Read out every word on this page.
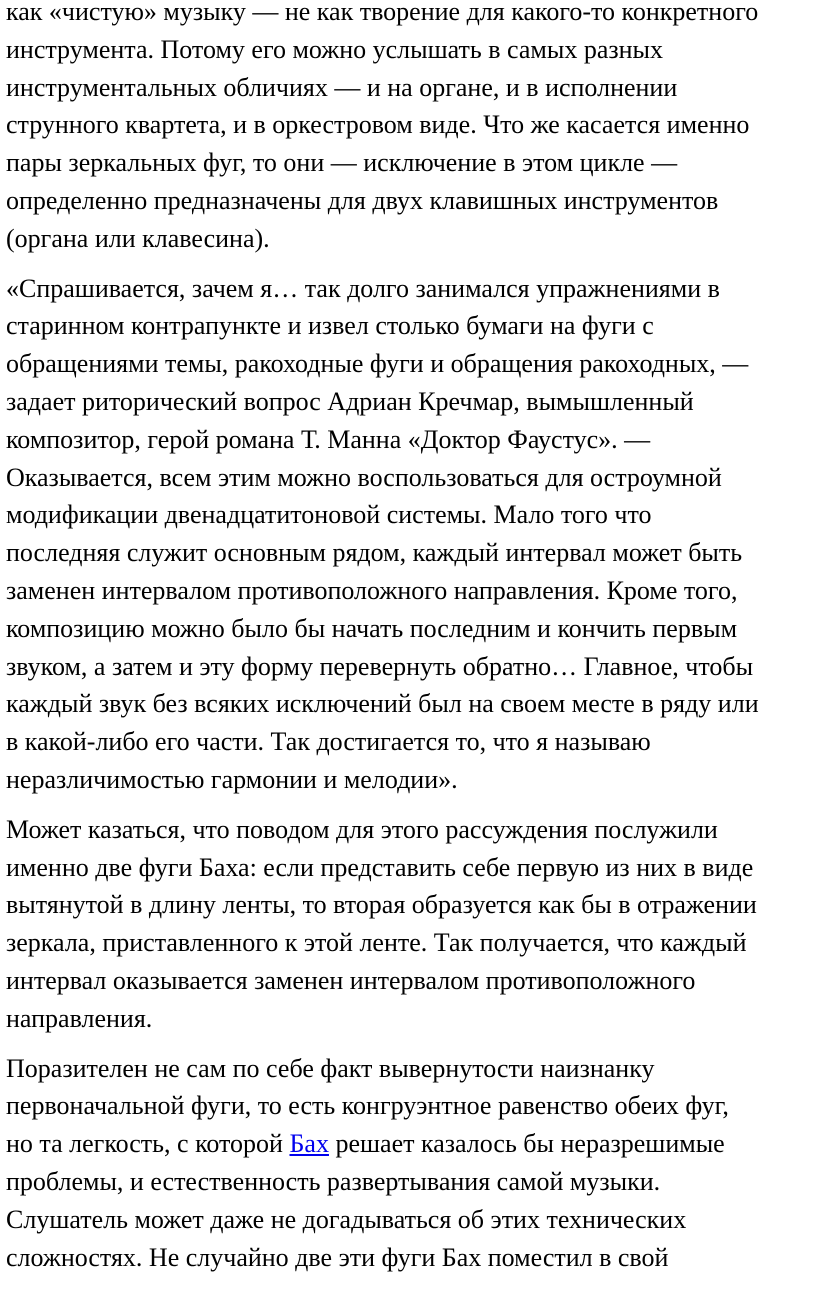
как «чистую» музыку — не как творение для какого-то конкретного
инструмента. Потому его можно услышать в самых разных
инструментальных обличиях — и на органе, и в исполнении
струнного квартета, и в оркестровом виде. Что же касается именно
пары зеркальных фуг, то они — исключение в этом цикле —
определенно предназначены для двух клавишных инструментов
(органа или клавесина).

«Спрашивается, зачем я… так долго занимался упражнениями в
старинном контрапункте и извел столько бумаги на фуги с
обращениями темы, ракоходные фуги и обращения ракоходных, —
задает риторический вопрос Адриан Кречмар, вымышленный
композитор, герой романа Т. Манна «Доктор Фаустус». —
Оказывается, всем этим можно воспользоваться для остроумной
модификации двенадцатитоновой системы. Мало того что
последняя служит основным рядом, каждый интервал может быть
заменен интервалом противоположного направления. Кроме того,
композицию можно было бы начать последним и кончить первым
звуком, а затем и эту форму перевернуть обратно… Главное, чтобы
каждый звук без всяких исключений был на своем месте в ряду или
в какой-либо его части. Так достигается то, что я называю
неразличимостью гармонии и мелодии».

Может казаться, что поводом для этого рассуждения послужили
именно две фуги Баха: если представить себе первую из них в виде
вытянутой в длину ленты, то вторая образуется как бы в отражении
зеркала, приставленного к этой ленте. Так получается, что каждый
интервал оказывается заменен интервалом противоположного
направления.

Поразителен не сам по себе факт вывернутости наизнанку
первоначальной фуги, то есть конгруэнтное равенство обеих фуг,
но та легкость, с которой Бах решает казалось бы неразрешимые
проблемы, и естественность развертывания самой музыки.
Слушатель может даже не догадываться об этих технических
сложностях. Не случайно две эти фуги Бах поместил в свой
